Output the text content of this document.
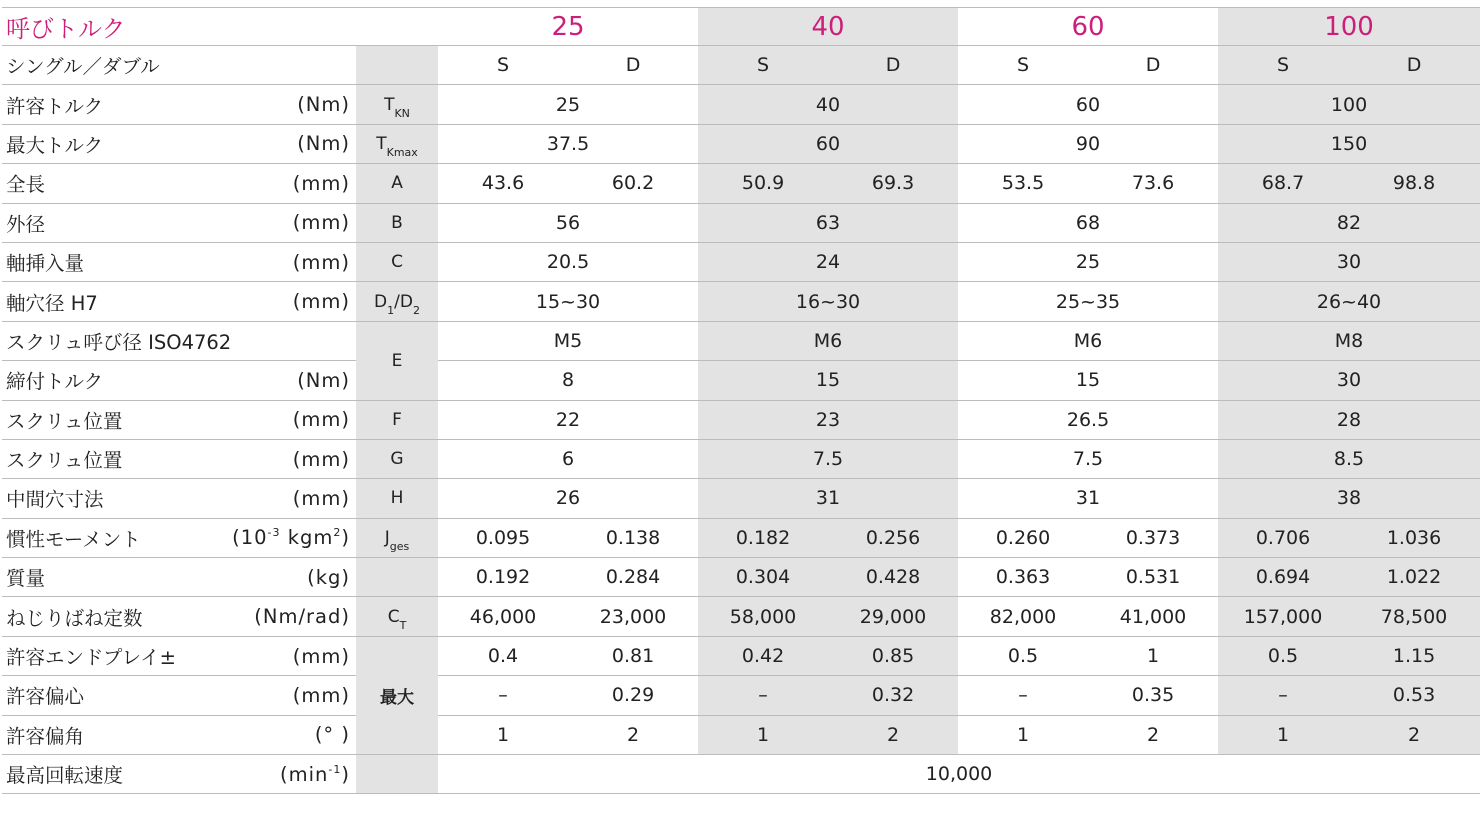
呼びトルク			25		40		60		100	
シングル／ダブル			S	D	S	D	S	D	S	D
許容トルク	(Nm)	$T_{KN}$	25		40		60		100	
最大トルク	(Nm)	$T_{Kmax}$	37.5		60		90		150	
全長	(mm)	A	43.6	60.2	50.9	69.3	53.5	73.6	68.7	98.8
外径	(mm)	B	56		63		68		82	
軸挿入量	(mm)	C	20.5		24		25		30	
軸穴径 H7	(mm)	$D_1/D_2$	15~30		16~30		25~35		26~40	
スクリュ呼び径 ISO4762		E	M5		M6		M6		M8	
締付トルク	(Nm)		8		15		15		30	
スクリュ位置	(mm)	F	22		23		26.5		28	
スクリュ位置	(mm)	G	6		7.5		7.5		8.5	
中間穴寸法	(mm)	H	26		31		31		38	
慣性モーメント	($10^{-3}$ kgm$^2$)	$J_{ges}$	0.095	0.138	0.182	0.256	0.260	0.373	0.706	1.036
質量	(kg)		0.192	0.284	0.304	0.428	0.363	0.531	0.694	1.022
ねじりばね定数	(Nm/rad)	$C_T$	46,000	23,000	58,000	29,000	82,000	41,000	157,000	78,500
許容エンドプレイ±	(mm)	最大	0.4	0.81	0.42	0.85	0.5	1	0.5	1.15
許容偏心	(mm)		–	0.29	–	0.32	–	0.35	–	0.53
許容偏角	(° )		1	2	1	2	1	2	1	2
最高回転速度	$(\min^{-1})$		10,000							
